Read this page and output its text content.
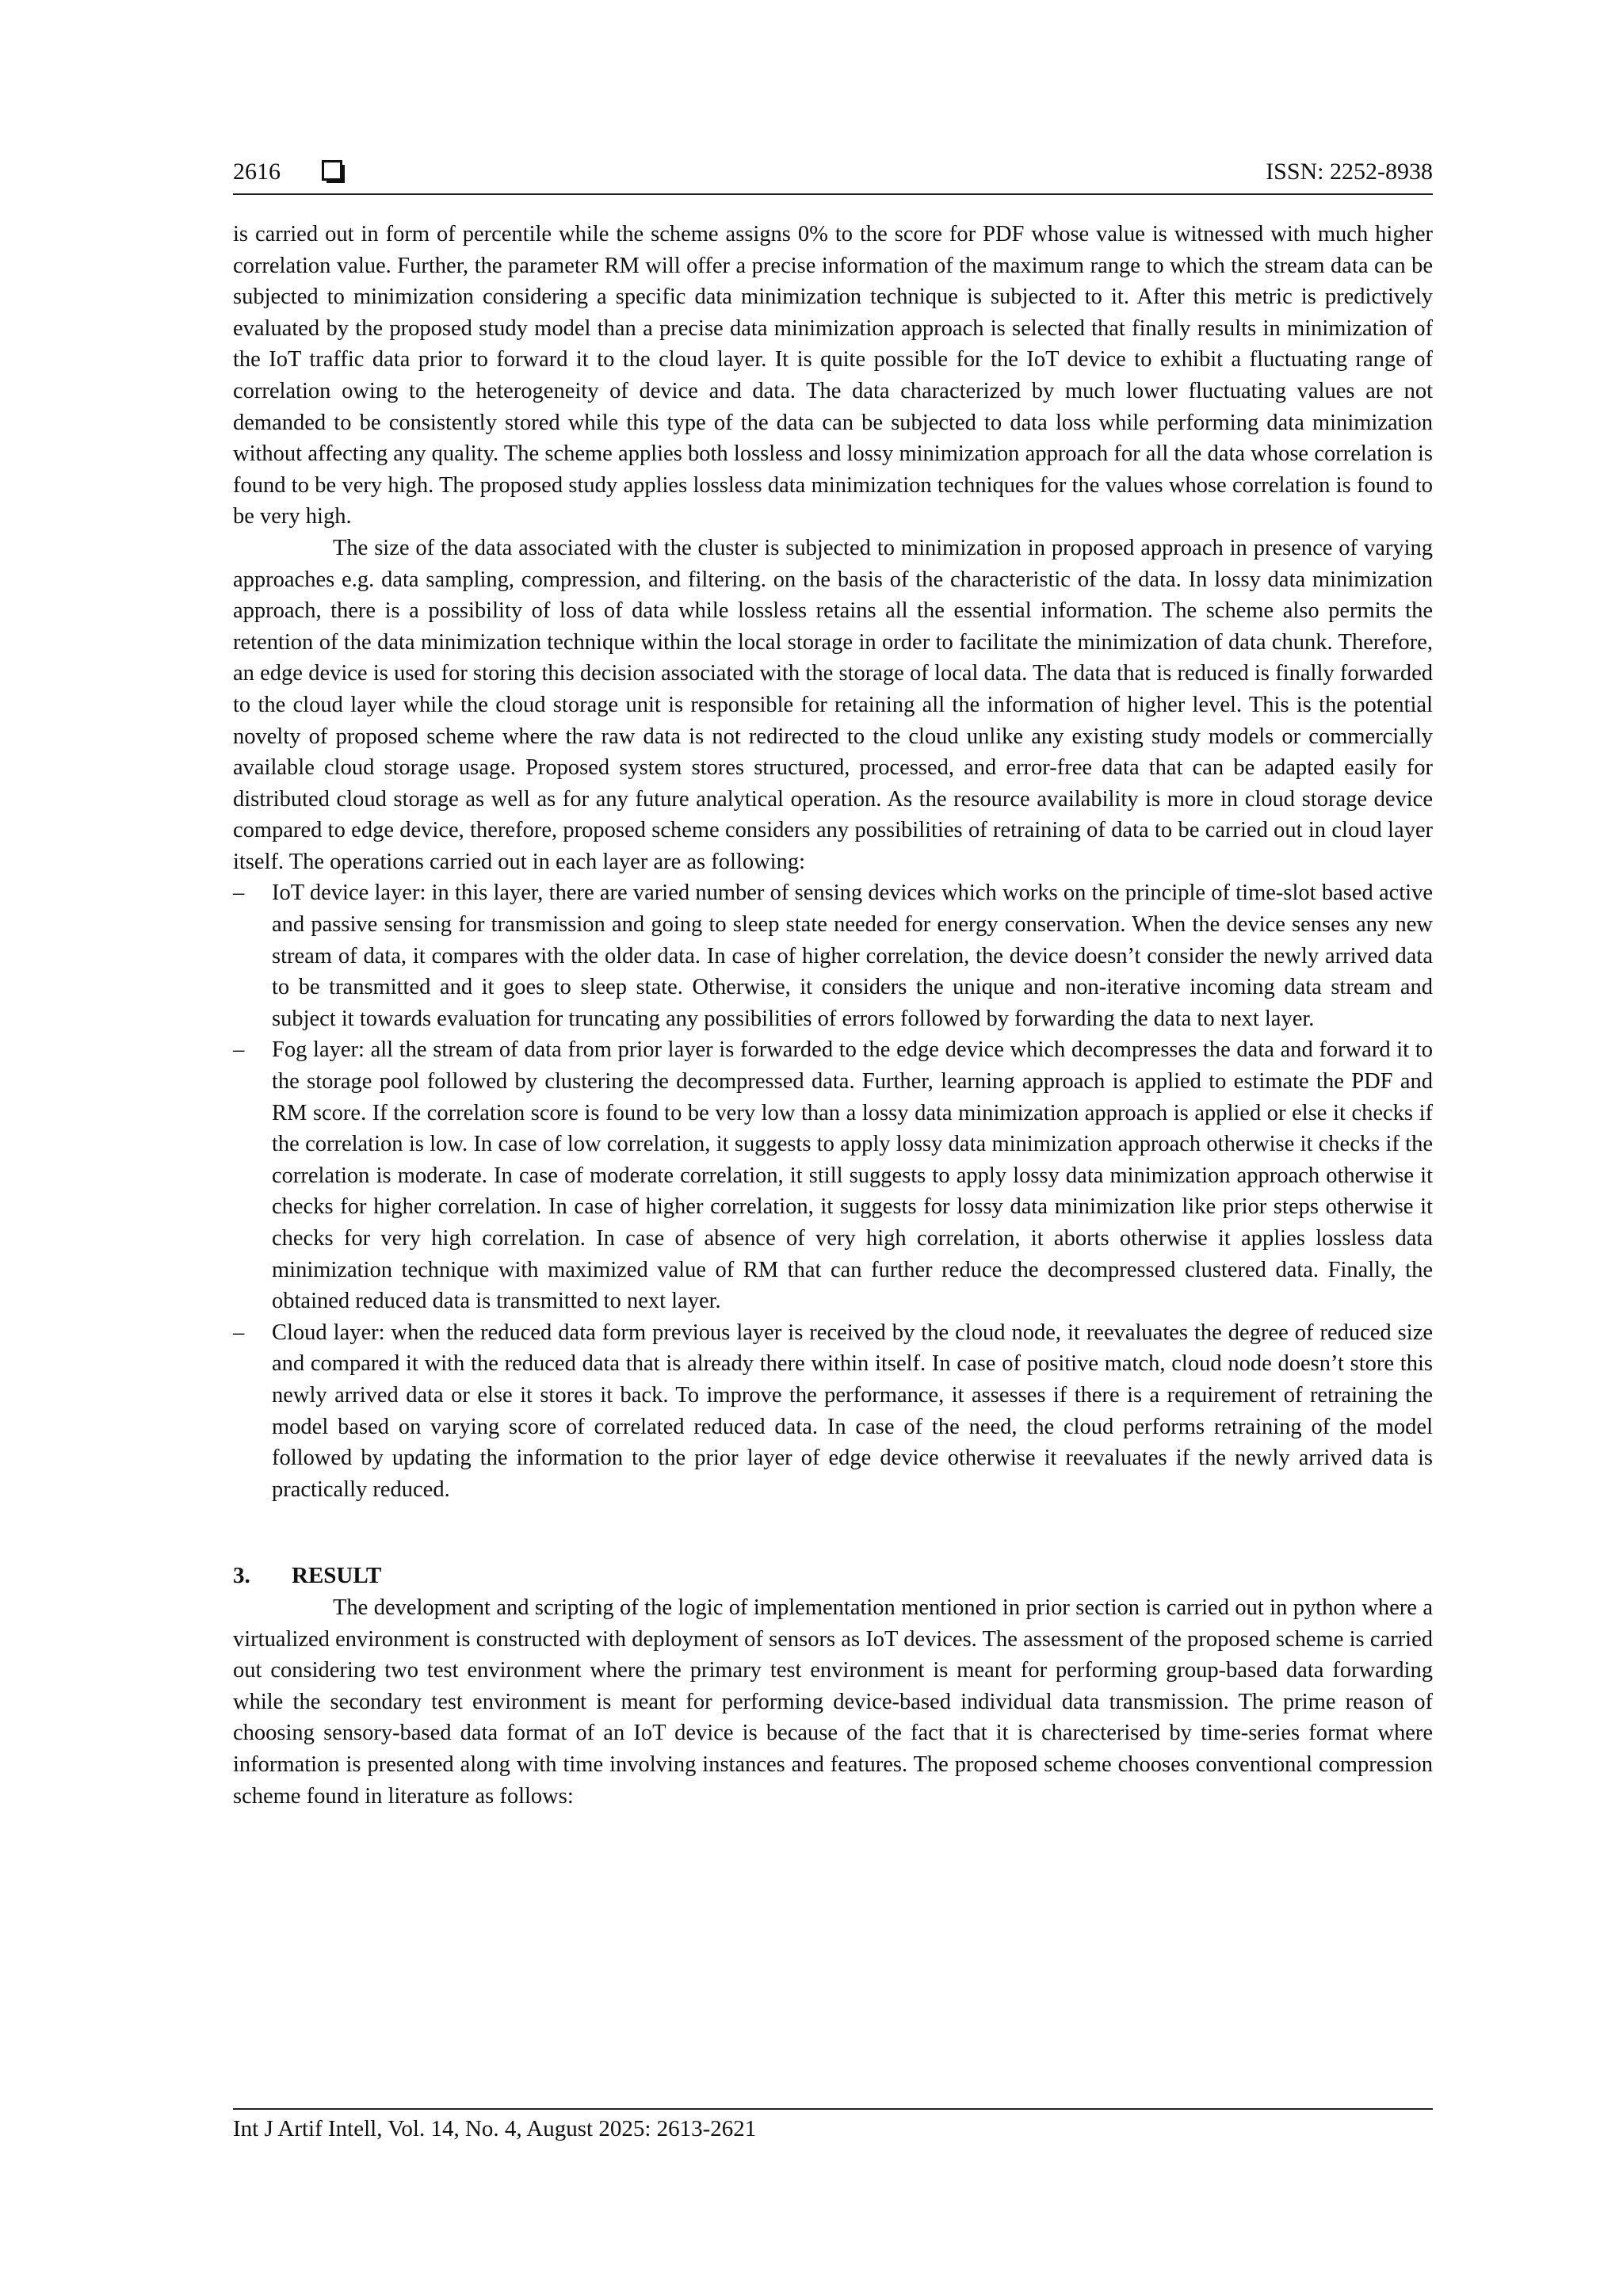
2616	ISSN: 2252-8938

is carried out in form of percentile while the scheme assigns 0% to the score for PDF whose value is witnessed with much higher correlation value. Further, the parameter RM will offer a precise information of the maximum range to which the stream data can be subjected to minimization considering a specific data minimization technique is subjected to it. After this metric is predictively evaluated by the proposed study model than a precise data minimization approach is selected that finally results in minimization of the IoT traffic data prior to forward it to the cloud layer. It is quite possible for the IoT device to exhibit a fluctuating range of correlation owing to the heterogeneity of device and data. The data characterized by much lower fluctuating values are not demanded to be consistently stored while this type of the data can be subjected to data loss while performing data minimization without affecting any quality. The scheme applies both lossless and lossy minimization approach for all the data whose correlation is found to be very high. The proposed study applies lossless data minimization techniques for the values whose correlation is found to be very high.

The size of the data associated with the cluster is subjected to minimization in proposed approach in presence of varying approaches e.g. data sampling, compression, and filtering. on the basis of the characteristic of the data. In lossy data minimization approach, there is a possibility of loss of data while lossless retains all the essential information. The scheme also permits the retention of the data minimization technique within the local storage in order to facilitate the minimization of data chunk. Therefore, an edge device is used for storing this decision associated with the storage of local data. The data that is reduced is finally forwarded to the cloud layer while the cloud storage unit is responsible for retaining all the information of higher level. This is the potential novelty of proposed scheme where the raw data is not redirected to the cloud unlike any existing study models or commercially available cloud storage usage. Proposed system stores structured, processed, and error-free data that can be adapted easily for distributed cloud storage as well as for any future analytical operation. As the resource availability is more in cloud storage device compared to edge device, therefore, proposed scheme considers any possibilities of retraining of data to be carried out in cloud layer itself. The operations carried out in each layer are as following:

– IoT device layer: in this layer, there are varied number of sensing devices which works on the principle of time-slot based active and passive sensing for transmission and going to sleep state needed for energy conservation. When the device senses any new stream of data, it compares with the older data. In case of higher correlation, the device doesn’t consider the newly arrived data to be transmitted and it goes to sleep state. Otherwise, it considers the unique and non-iterative incoming data stream and subject it towards evaluation for truncating any possibilities of errors followed by forwarding the data to next layer.
– Fog layer: all the stream of data from prior layer is forwarded to the edge device which decompresses the data and forward it to the storage pool followed by clustering the decompressed data. Further, learning approach is applied to estimate the PDF and RM score. If the correlation score is found to be very low than a lossy data minimization approach is applied or else it checks if the correlation is low. In case of low correlation, it suggests to apply lossy data minimization approach otherwise it checks if the correlation is moderate. In case of moderate correlation, it still suggests to apply lossy data minimization approach otherwise it checks for higher correlation. In case of higher correlation, it suggests for lossy data minimization like prior steps otherwise it checks for very high correlation. In case of absence of very high correlation, it aborts otherwise it applies lossless data minimization technique with maximized value of RM that can further reduce the decompressed clustered data. Finally, the obtained reduced data is transmitted to next layer.
– Cloud layer: when the reduced data form previous layer is received by the cloud node, it reevaluates the degree of reduced size and compared it with the reduced data that is already there within itself. In case of positive match, cloud node doesn’t store this newly arrived data or else it stores it back. To improve the performance, it assesses if there is a requirement of retraining the model based on varying score of correlated reduced data. In case of the need, the cloud performs retraining of the model followed by updating the information to the prior layer of edge device otherwise it reevaluates if the newly arrived data is practically reduced.
3. RESULT

The development and scripting of the logic of implementation mentioned in prior section is carried out in python where a virtualized environment is constructed with deployment of sensors as IoT devices. The assessment of the proposed scheme is carried out considering two test environment where the primary test environment is meant for performing group-based data forwarding while the secondary test environment is meant for performing device-based individual data transmission. The prime reason of choosing sensory-based data format of an IoT device is because of the fact that it is charecterised by time-series format where information is presented along with time involving instances and features. The proposed scheme chooses conventional compression scheme found in literature as follows:

Int J Artif Intell, Vol. 14, No. 4, August 2025: 2613-2621
